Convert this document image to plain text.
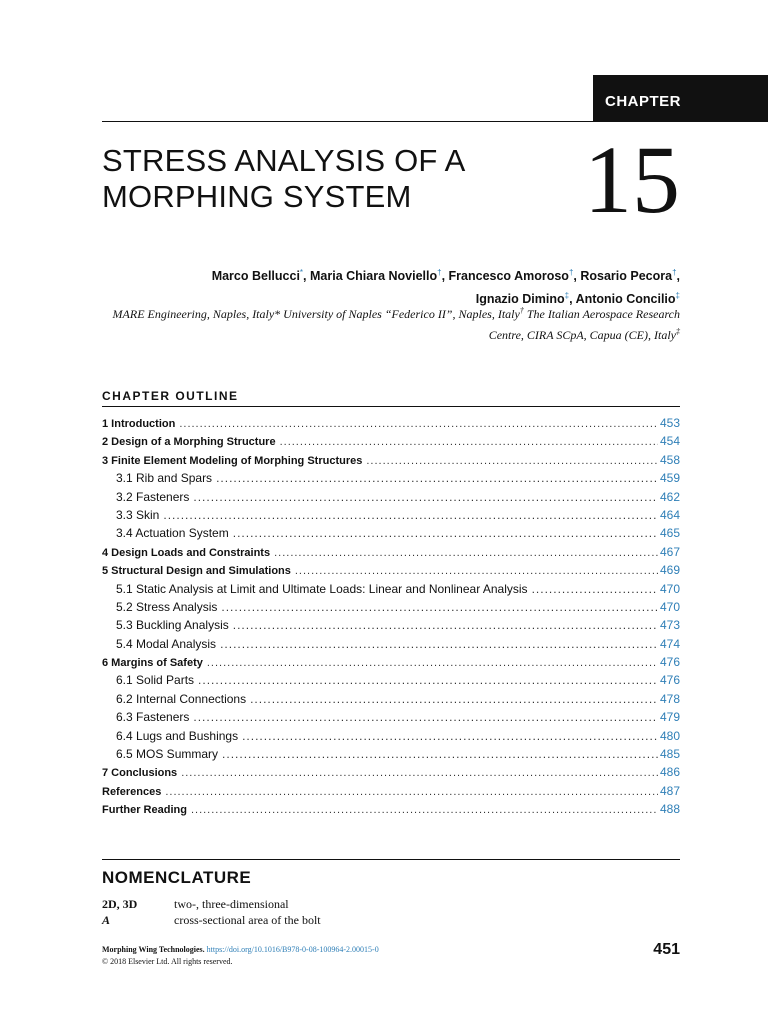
CHAPTER
STRESS ANALYSIS OF A
MORPHING SYSTEM	15
Marco Bellucci*, Maria Chiara Noviello†, Francesco Amoroso†, Rosario Pecora†,
Ignazio Dimino‡, Antonio Concilio‡
MARE Engineering, Naples, Italy* University of Naples “Federico II”, Naples, Italy† The Italian Aerospace Research
Centre, CIRA SCpA, Capua (CE), Italy‡
CHAPTER OUTLINE
1 Introduction .....	453
2 Design of a Morphing Structure .....	454
3 Finite Element Modeling of Morphing Structures .....	458
3.1 Rib and Spars .....	459
3.2 Fasteners .....	462
3.3 Skin .....	464
3.4 Actuation System .....	465
4 Design Loads and Constraints .....	467
5 Structural Design and Simulations .....	469
5.1 Static Analysis at Limit and Ultimate Loads: Linear and Nonlinear Analysis .....	470
5.2 Stress Analysis .....	470
5.3 Buckling Analysis .....	473
5.4 Modal Analysis .....	474
6 Margins of Safety .....	476
6.1 Solid Parts .....	476
6.2 Internal Connections .....	478
6.3 Fasteners .....	479
6.4 Lugs and Bushings .....	480
6.5 MOS Summary .....	485
7 Conclusions .....	486
References .....	487
Further Reading .....	488
NOMENCLATURE
2D, 3D	two-, three-dimensional
A	cross-sectional area of the bolt
Morphing Wing Technologies. https://doi.org/10.1016/B978-0-08-100964-2.00015-0
© 2018 Elsevier Ltd. All rights reserved.
451
